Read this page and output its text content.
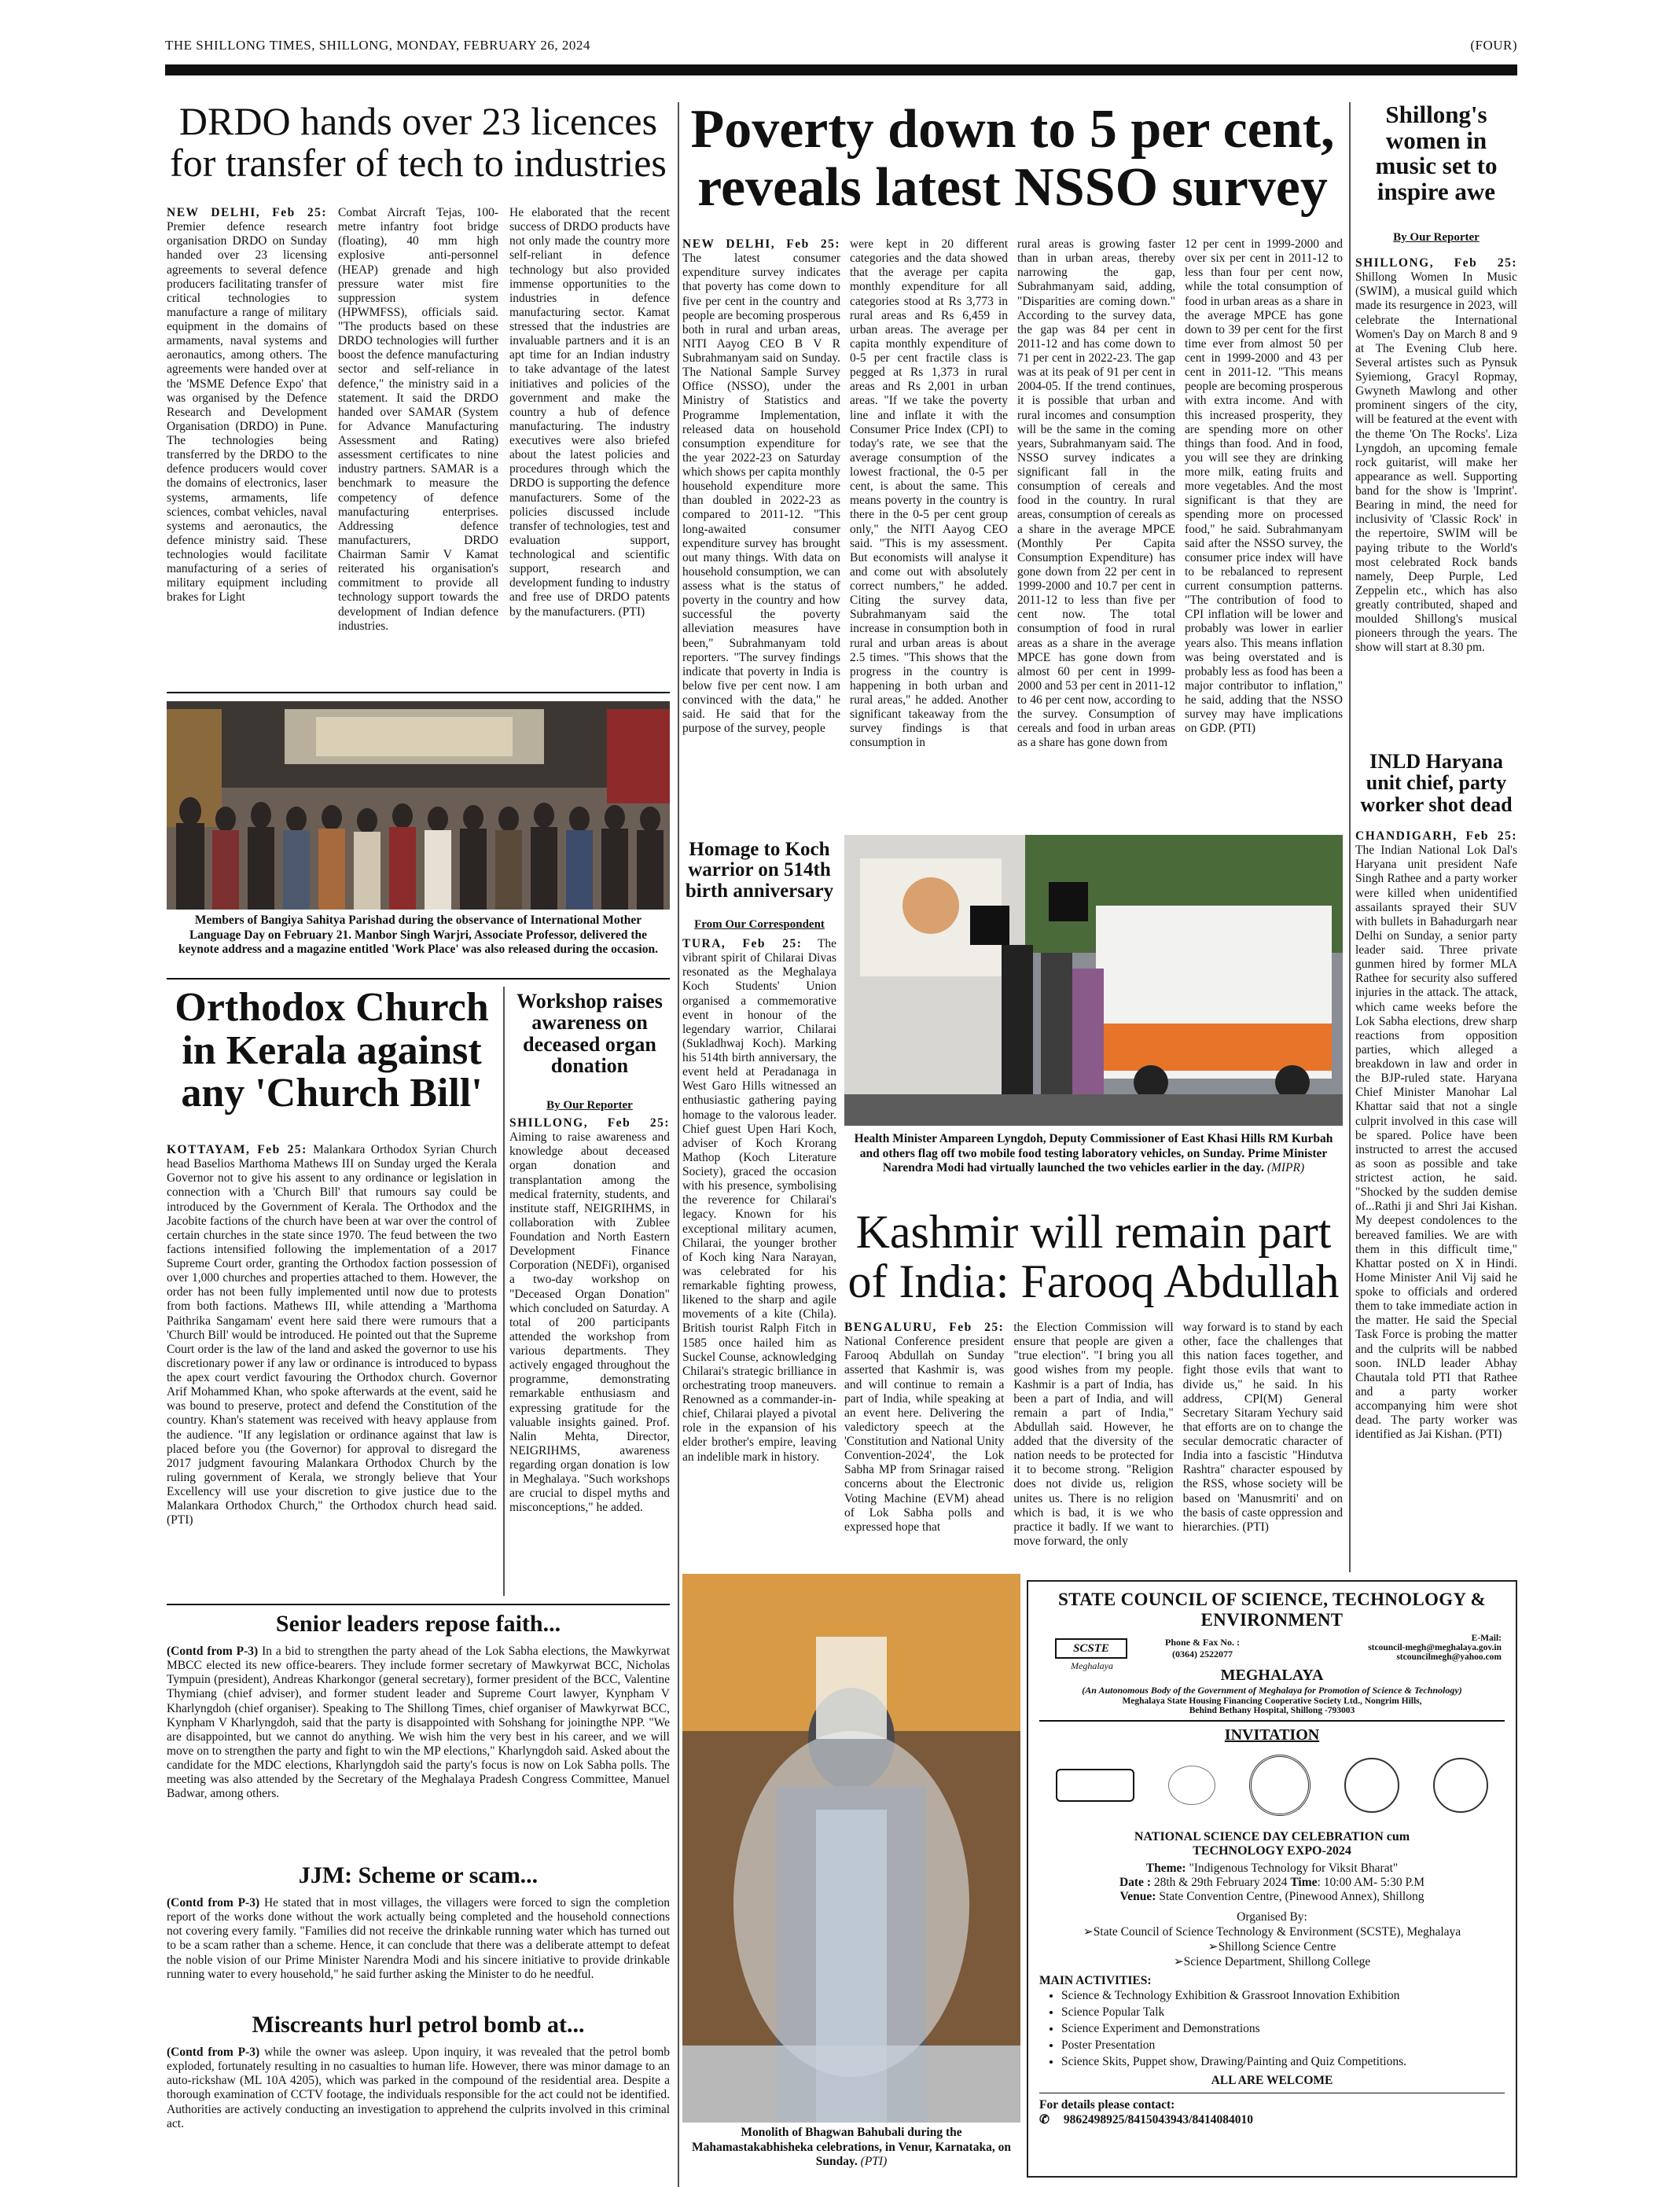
THE SHILLONG TIMES, SHILLONG, MONDAY, FEBRUARY 26, 2024	(FOUR)
DRDO hands over 23 licences for transfer of tech to industries
NEW DELHI, Feb 25: Premier defence research organisation DRDO on Sunday handed over 23 licensing agreements to several defence producers facilitating transfer of critical technologies to manufacture a range of military equipment in the domains of armaments, naval systems and aeronautics, among others. The agreements were handed over at the 'MSME Defence Expo' that was organised by the Defence Research and Development Organisation (DRDO) in Pune. The technologies being transferred by the DRDO to the defence producers would cover the domains of electronics, laser systems, armaments, life sciences, combat vehicles, naval systems and aeronautics, the defence ministry said. These technologies would facilitate manufacturing of a series of military equipment including brakes for Light
Combat Aircraft Tejas, 100-metre infantry foot bridge (floating), 40 mm high explosive anti-personnel (HEAP) grenade and high pressure water mist fire suppression system (HPWMFSS), officials said. "The products based on these DRDO technologies will further boost the defence manufacturing sector and self-reliance in defence," the ministry said in a statement. It said the DRDO handed over SAMAR (System for Advance Manufacturing Assessment and Rating) assessment certificates to nine industry partners. SAMAR is a benchmark to measure the competency of defence manufacturing enterprises. Addressing defence manufacturers, DRDO Chairman Samir V Kamat reiterated his organisation's commitment to provide all technology support towards the development of Indian defence industries.
He elaborated that the recent success of DRDO products have not only made the country more self-reliant in defence technology but also provided immense opportunities to the industries in defence manufacturing sector. Kamat stressed that the industries are invaluable partners and it is an apt time for an Indian industry to take advantage of the latest initiatives and policies of the government and make the country a hub of defence manufacturing. The industry executives were also briefed about the latest policies and procedures through which the DRDO is supporting the defence manufacturers. Some of the policies discussed include transfer of technologies, test and evaluation support, technological and scientific support, research and development funding to industry and free use of DRDO patents by the manufacturers. (PTI)
Members of Bangiya Sahitya Parishad during the observance of International Mother Language Day on February 21. Manbor Singh Warjri, Associate Professor, delivered the keynote address and a magazine entitled 'Work Place' was also released during the occasion.
Orthodox Church in Kerala against any 'Church Bill'
KOTTAYAM, Feb 25: Malankara Orthodox Syrian Church head Baselios Marthoma Mathews III on Sunday urged the Kerala Governor not to give his assent to any ordinance or legislation in connection with a 'Church Bill' that rumours say could be introduced by the Government of Kerala. The Orthodox and the Jacobite factions of the church have been at war over the control of certain churches in the state since 1970. The feud between the two factions intensified following the implementation of a 2017 Supreme Court order, granting the Orthodox faction possession of over 1,000 churches and properties attached to them. However, the order has not been fully implemented until now due to protests from both factions. Mathews III, while attending a 'Marthoma Paithrika Sangamam' event here said there were rumours that a 'Church Bill' would be introduced. He pointed out that the Supreme Court order is the law of the land and asked the governor to use his discretionary power if any law or ordinance is introduced to bypass the apex court verdict favouring the Orthodox church. Governor Arif Mohammed Khan, who spoke afterwards at the event, said he was bound to preserve, protect and defend the Constitution of the country. Khan's statement was received with heavy applause from the audience. "If any legislation or ordinance against that law is placed before you (the Governor) for approval to disregard the 2017 judgment favouring Malankara Orthodox Church by the ruling government of Kerala, we strongly believe that Your Excellency will use your discretion to give justice due to the Malankara Orthodox Church," the Orthodox church head said. (PTI)
Workshop raises awareness on deceased organ donation
By Our Reporter
SHILLONG, Feb 25: Aiming to raise awareness and knowledge about deceased organ donation and transplantation among the medical fraternity, students, and institute staff, NEIGRIHMS, in collaboration with Zublee Foundation and North Eastern Development Finance Corporation (NEDFi), organised a two-day workshop on "Deceased Organ Donation" which concluded on Saturday. A total of 200 participants attended the workshop from various departments. They actively engaged throughout the programme, demonstrating remarkable enthusiasm and expressing gratitude for the valuable insights gained. Prof. Nalin Mehta, Director, NEIGRIHMS, awareness regarding organ donation is low in Meghalaya. "Such workshops are crucial to dispel myths and misconceptions," he added.
Senior leaders repose faith...
(Contd from P-3) In a bid to strengthen the party ahead of the Lok Sabha elections, the Mawkyrwat MBCC elected its new office-bearers. They include former secretary of Mawkyrwat BCC, Nicholas Tympuin (president), Andreas Kharkongor (general secretary), former president of the BCC, Valentine Thymiang (chief adviser), and former student leader and Supreme Court lawyer, Kynpham V Kharlyngdoh (chief organiser). Speaking to The Shillong Times, chief organiser of Mawkyrwat BCC, Kynpham V Kharlyngdoh, said that the party is disappointed with Sohshang for joiningthe NPP. "We are disappointed, but we cannot do anything. We wish him the very best in his career, and we will move on to strengthen the party and fight to win the MP elections," Kharlyngdoh said. Asked about the candidate for the MDC elections, Kharlyngdoh said the party's focus is now on Lok Sabha polls. The meeting was also attended by the Secretary of the Meghalaya Pradesh Congress Committee, Manuel Badwar, among others.
JJM: Scheme or scam...
(Contd from P-3) He stated that in most villages, the villagers were forced to sign the completion report of the works done without the work actually being completed and the household connections not covering every family. "Families did not receive the drinkable running water which has turned out to be a scam rather than a scheme. Hence, it can conclude that there was a deliberate attempt to defeat the noble vision of our Prime Minister Narendra Modi and his sincere initiative to provide drinkable running water to every household," he said further asking the Minister to do he needful.
Miscreants hurl petrol bomb at...
(Contd from P-3) while the owner was asleep. Upon inquiry, it was revealed that the petrol bomb exploded, fortunately resulting in no casualties to human life. However, there was minor damage to an auto-rickshaw (ML 10A 4205), which was parked in the compound of the residential area. Despite a thorough examination of CCTV footage, the individuals responsible for the act could not be identified. Authorities are actively conducting an investigation to apprehend the culprits involved in this criminal act.
Poverty down to 5 per cent, reveals latest NSSO survey
NEW DELHI, Feb 25: The latest consumer expenditure survey indicates that poverty has come down to five per cent in the country and people are becoming prosperous both in rural and urban areas, NITI Aayog CEO B V R Subrahmanyam said on Sunday. The National Sample Survey Office (NSSO), under the Ministry of Statistics and Programme Implementation, released data on household consumption expenditure for the year 2022-23 on Saturday which shows per capita monthly household expenditure more than doubled in 2022-23 as compared to 2011-12. "This long-awaited consumer expenditure survey has brought out many things. With data on household consumption, we can assess what is the status of poverty in the country and how successful the poverty alleviation measures have been," Subrahmanyam told reporters. "The survey findings indicate that poverty in India is below five per cent now. I am convinced with the data," he said. He said that for the purpose of the survey, people
were kept in 20 different categories and the data showed that the average per capita monthly expenditure for all categories stood at Rs 3,773 in rural areas and Rs 6,459 in urban areas. The average per capita monthly expenditure of 0-5 per cent fractile class is pegged at Rs 1,373 in rural areas and Rs 2,001 in urban areas. "If we take the poverty line and inflate it with the Consumer Price Index (CPI) to today's rate, we see that the average consumption of the lowest fractional, the 0-5 per cent, is about the same. This means poverty in the country is there in the 0-5 per cent group only," the NITI Aayog CEO said. "This is my assessment. But economists will analyse it and come out with absolutely correct numbers," he added. Citing the survey data, Subrahmanyam said the increase in consumption both in rural and urban areas is about 2.5 times. "This shows that the progress in the country is happening in both urban and rural areas," he added. Another significant takeaway from the survey findings is that consumption in
rural areas is growing faster than in urban areas, thereby narrowing the gap, Subrahmanyam said, adding, "Disparities are coming down." According to the survey data, the gap was 84 per cent in 2011-12 and has come down to 71 per cent in 2022-23. The gap was at its peak of 91 per cent in 2004-05. If the trend continues, it is possible that urban and rural incomes and consumption will be the same in the coming years, Subrahmanyam said. The NSSO survey indicates a significant fall in the consumption of cereals and food in the country. In rural areas, consumption of cereals as a share in the average MPCE (Monthly Per Capita Consumption Expenditure) has gone down from 22 per cent in 1999-2000 and 10.7 per cent in 2011-12 to less than five per cent now. The total consumption of food in rural areas as a share in the average MPCE has gone down from almost 60 per cent in 1999-2000 and 53 per cent in 2011-12 to 46 per cent now, according to the survey. Consumption of cereals and food in urban areas as a share has gone down from
12 per cent in 1999-2000 and over six per cent in 2011-12 to less than four per cent now, while the total consumption of food in urban areas as a share in the average MPCE has gone down to 39 per cent for the first time ever from almost 50 per cent in 1999-2000 and 43 per cent in 2011-12. "This means people are becoming prosperous with extra income. And with this increased prosperity, they are spending more on other things than food. And in food, you will see they are drinking more milk, eating fruits and more vegetables. And the most significant is that they are spending more on processed food," he said. Subrahmanyam said after the NSSO survey, the consumer price index will have to be rebalanced to represent current consumption patterns. "The contribution of food to CPI inflation will be lower and probably was lower in earlier years also. This means inflation was being overstated and is probably less as food has been a major contributor to inflation," he said, adding that the NSSO survey may have implications on GDP. (PTI)
Homage to Koch warrior on 514th birth anniversary
From Our Correspondent
TURA, Feb 25: The vibrant spirit of Chilarai Divas resonated as the Meghalaya Koch Students' Union organised a commemorative event in honour of the legendary warrior, Chilarai (Sukladhwaj Koch). Marking his 514th birth anniversary, the event held at Peradanaga in West Garo Hills witnessed an enthusiastic gathering paying homage to the valorous leader. Chief guest Upen Hari Koch, adviser of Koch Krorang Mathop (Koch Literature Society), graced the occasion with his presence, symbolising the reverence for Chilarai's legacy. Known for his exceptional military acumen, Chilarai, the younger brother of Koch king Nara Narayan, was celebrated for his remarkable fighting prowess, likened to the sharp and agile movements of a kite (Chila). British tourist Ralph Fitch in 1585 once hailed him as Suckel Counse, acknowledging Chilarai's strategic brilliance in orchestrating troop maneuvers. Renowned as a commander-in-chief, Chilarai played a pivotal role in the expansion of his elder brother's empire, leaving an indelible mark in history.
Health Minister Ampareen Lyngdoh, Deputy Commissioner of East Khasi Hills RM Kurbah and others flag off two mobile food testing laboratory vehicles, on Sunday. Prime Minister Narendra Modi had virtually launched the two vehicles earlier in the day. (MIPR)
Kashmir will remain part of India: Farooq Abdullah
BENGALURU, Feb 25: National Conference president Farooq Abdullah on Sunday asserted that Kashmir is, was and will continue to remain a part of India, while speaking at an event here. Delivering the valedictory speech at the 'Constitution and National Unity Convention-2024', the Lok Sabha MP from Srinagar raised concerns about the Electronic Voting Machine (EVM) ahead of Lok Sabha polls and expressed hope that
the Election Commission will ensure that people are given a "true election". "I bring you all good wishes from my people. Kashmir is a part of India, has been a part of India, and will remain a part of India," Abdullah said. However, he added that the diversity of the nation needs to be protected for it to become strong. "Religion does not divide us, religion unites us. There is no religion which is bad, it is we who practice it badly. If we want to move forward, the only
way forward is to stand by each other, face the challenges that this nation faces together, and fight those evils that want to divide us," he said. In his address, CPI(M) General Secretary Sitaram Yechury said that efforts are on to change the secular democratic character of India into a fascistic "Hindutva Rashtra" character espoused by the RSS, whose society will be based on 'Manusmriti' and on the basis of caste oppression and hierarchies. (PTI)
Shillong's women in music set to inspire awe
By Our Reporter
SHILLONG, Feb 25: Shillong Women In Music (SWIM), a musical guild which made its resurgence in 2023, will celebrate the International Women's Day on March 8 and 9 at The Evening Club here. Several artistes such as Pynsuk Syiemiong, Gracyl Ropmay, Gwyneth Mawlong and other prominent singers of the city, will be featured at the event with the theme 'On The Rocks'. Liza Lyngdoh, an upcoming female rock guitarist, will make her appearance as well. Supporting band for the show is 'Imprint'. Bearing in mind, the need for inclusivity of 'Classic Rock' in the repertoire, SWIM will be paying tribute to the World's most celebrated Rock bands namely, Deep Purple, Led Zeppelin etc., which has also greatly contributed, shaped and moulded Shillong's musical pioneers through the years. The show will start at 8.30 pm.
INLD Haryana unit chief, party worker shot dead
CHANDIGARH, Feb 25: The Indian National Lok Dal's Haryana unit president Nafe Singh Rathee and a party worker were killed when unidentified assailants sprayed their SUV with bullets in Bahadurgarh near Delhi on Sunday, a senior party leader said. Three private gunmen hired by former MLA Rathee for security also suffered injuries in the attack. The attack, which came weeks before the Lok Sabha elections, drew sharp reactions from opposition parties, which alleged a breakdown in law and order in the BJP-ruled state. Haryana Chief Minister Manohar Lal Khattar said that not a single culprit involved in this case will be spared. Police have been instructed to arrest the accused as soon as possible and take strictest action, he said. "Shocked by the sudden demise of...Rathi ji and Shri Jai Kishan. My deepest condolences to the bereaved families. We are with them in this difficult time," Khattar posted on X in Hindi. Home Minister Anil Vij said he spoke to officials and ordered them to take immediate action in the matter. He said the Special Task Force is probing the matter and the culprits will be nabbed soon. INLD leader Abhay Chautala told PTI that Rathee and a party worker accompanying him were shot dead. The party worker was identified as Jai Kishan. (PTI)
Monolith of Bhagwan Bahubali during the Mahamastakabhisheka celebrations, in Venur, Karnataka, on Sunday. (PTI)
STATE COUNCIL OF SCIENCE, TECHNOLOGY & ENVIRONMENT
SCSTE
Meghalaya
Phone & Fax No. :
(0364) 2522077
E-Mail:
stcouncil-megh@meghalaya.gov.in
stcouncilmegh@yahoo.com
MEGHALAYA
(An Autonomous Body of the Government of Meghalaya for Promotion of Science & Technology)
Meghalaya State Housing Financing Cooperative Society Ltd., Nongrim Hills,
Behind Bethany Hospital, Shillong -793003
INVITATION
NATIONAL SCIENCE DAY CELEBRATION cum
TECHNOLOGY EXPO-2024
Theme: "Indigenous Technology for Viksit Bharat"
Date : 28th & 29th February 2024 Time: 10:00 AM- 5:30 P.M
Venue: State Convention Centre, (Pinewood Annex), Shillong
Organised By:
➢State Council of Science Technology & Environment (SCSTE), Meghalaya
➢Shillong Science Centre
➢Science Department, Shillong College
MAIN ACTIVITIES:
• Science & Technology Exhibition & Grassroot Innovation Exhibition
• Science Popular Talk
• Science Experiment and Demonstrations
• Poster Presentation
• Science Skits, Puppet show, Drawing/Painting and Quiz Competitions.
ALL ARE WELCOME
For details please contact:
✆ 9862498925/8415043943/8414084010
